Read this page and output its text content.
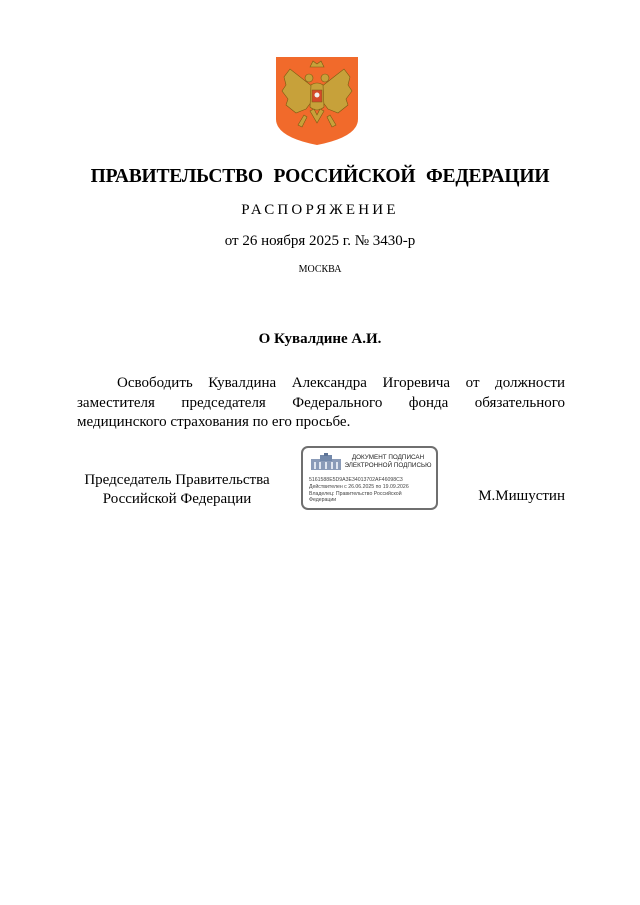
ПРАВИТЕЛЬСТВО РОССИЙСКОЙ ФЕДЕРАЦИИ
РАСПОРЯЖЕНИЕ
от 26 ноября 2025 г. № 3430-р
МОСКВА
О Кувалдине А.И.

Освободить Кувалдина Александра Игоревича от должности заместителя председателя Федерального фонда обязательного медицинского страхования по его просьбе.

Председатель Правительства
Российской Федерации
ДОКУМЕНТ ПОДПИСАН
ЭЛЕКТРОННОЙ ПОДПИСЬЮ
5161588E5D9A3E34013702AF46098C3
Действителен с 26.06.2025 по 19.09.2026
Владелец: Правительство Российской
Федерации	М.Мишустин
